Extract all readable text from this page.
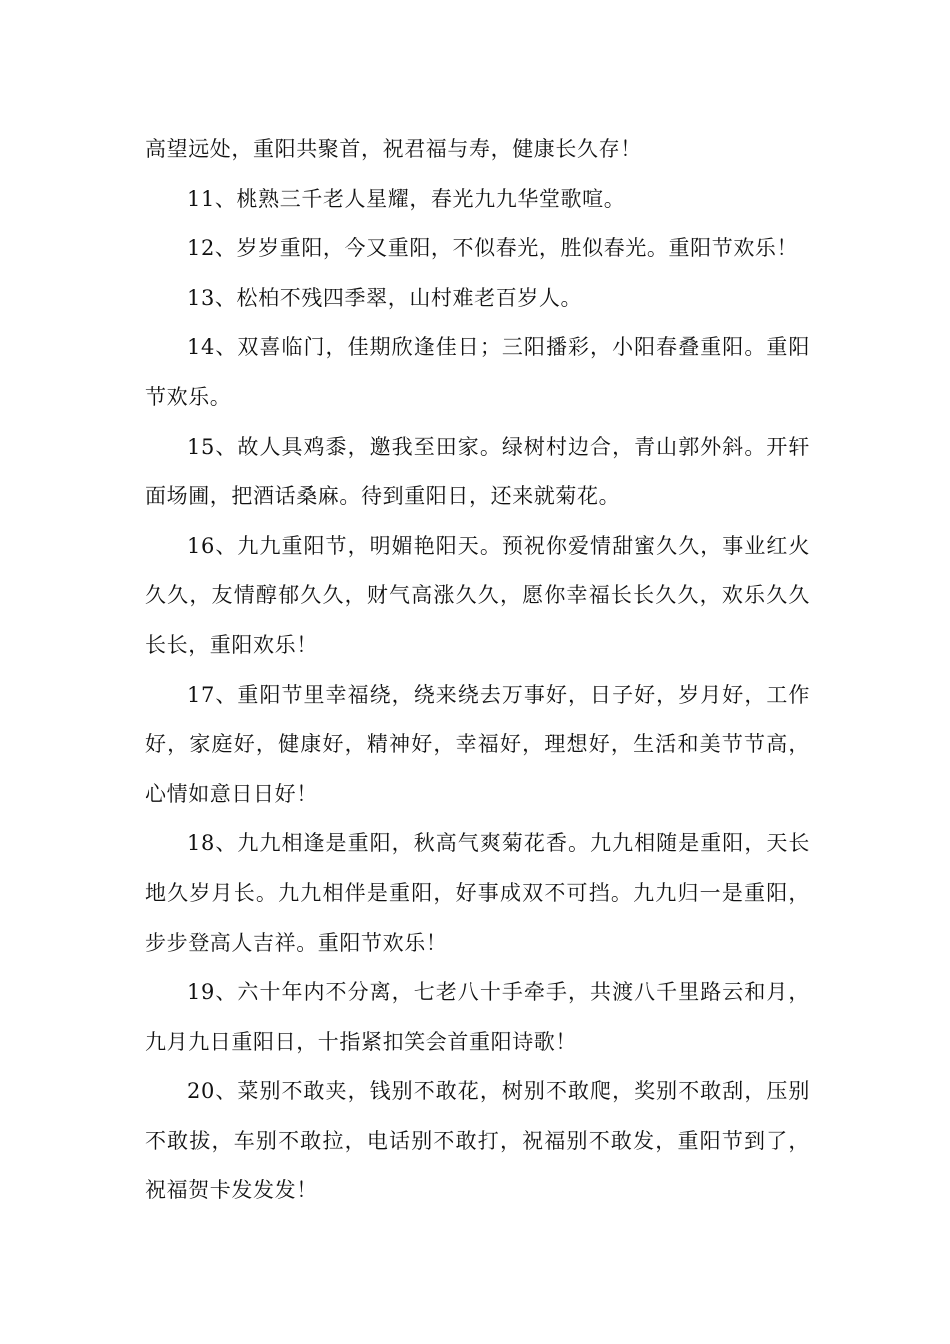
高望远处，重阳共聚首，祝君福与寿，健康长久存！

11、桃熟三千老人星耀，春光九九华堂歌喧。

12、岁岁重阳，今又重阳，不似春光，胜似春光。重阳节欢乐！

13、松柏不残四季翠，山村难老百岁人。

14、双喜临门，佳期欣逢佳日；三阳播彩，小阳春叠重阳。重阳节欢乐。

15、故人具鸡黍，邀我至田家。绿树村边合，青山郭外斜。开轩面场圃，把酒话桑麻。待到重阳日，还来就菊花。

16、九九重阳节，明媚艳阳天。预祝你爱情甜蜜久久，事业红火久久，友情醇郁久久，财气高涨久久，愿你幸福长长久久，欢乐久久长长，重阳欢乐！

17、重阳节里幸福绕，绕来绕去万事好，日子好，岁月好，工作好，家庭好，健康好，精神好，幸福好，理想好，生活和美节节高，心情如意日日好！

18、九九相逢是重阳，秋高气爽菊花香。九九相随是重阳，天长地久岁月长。九九相伴是重阳，好事成双不可挡。九九归一是重阳，步步登高人吉祥。重阳节欢乐！

19、六十年内不分离，七老八十手牵手，共渡八千里路云和月，九月九日重阳日，十指紧扣笑会首重阳诗歌！

20、菜别不敢夹，钱别不敢花，树别不敢爬，奖别不敢刮，压别不敢拔，车别不敢拉，电话别不敢打，祝福别不敢发，重阳节到了，祝福贺卡发发发！
